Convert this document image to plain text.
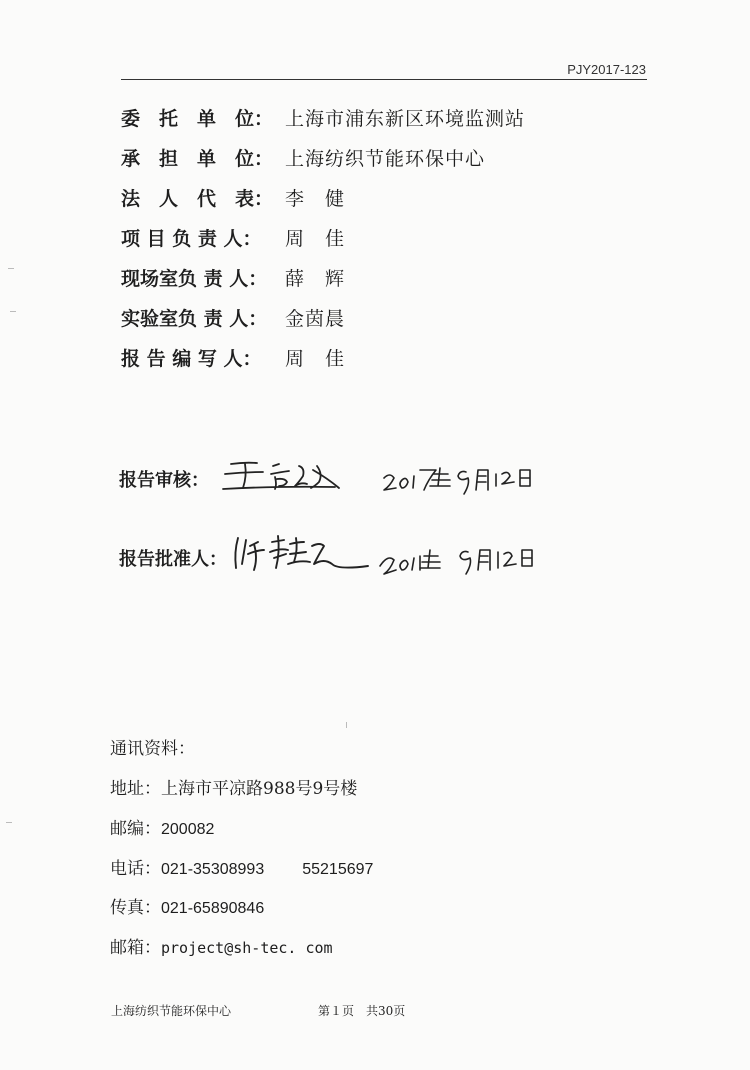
PJY2017-123
委　托　单　位： 上海市浦东新区环境监测站
承　担　单　位： 上海纺织节能环保中心
法　人　代　表： 李　健
项 目 负 责 人： 周　佳
现场室负 责 人： 薛　辉
实验室负 责 人： 金茵晨
报 告 编 写 人： 周　佳
报告审核：
报告批准人：
通讯资料：
地址：上海市平凉路988号9号楼
邮编：200082
电话：021-35308993 55215697
传真：021-65890846
邮箱：project@sh-tec. com
上海纺织节能环保中心	第１页　共30页
